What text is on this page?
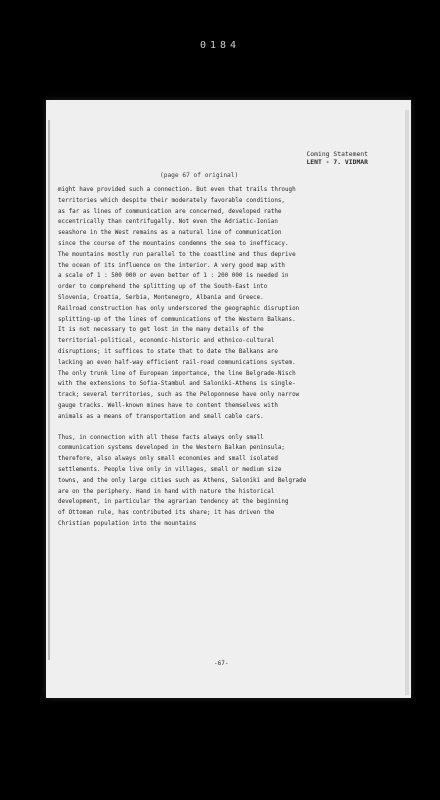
0184
Coming Statement
LENT - 7. VIDMAR
(page 67 of original)

might have provided such a connection. But even that trails through

territories which despite their moderately favorable conditions,

as far as lines of communication are concerned, developed rathe

eccentrically than centrifugally. Not even the Adriatic-Ionian

seashore in the West remains as a natural line of communication

since the course of the mountains condemns the sea to inefficacy.

The mountains mostly run parallel to the coastline and thus deprive

the ocean of its influence on the interior. A very good map with

a scale of 1 : 500 000 or even better of 1 : 200 000 is needed in

order to comprehend the splitting up of the South-East into

Slovenia, Croatia, Serbia, Montenegro, Albania and Greece.

Railroad construction has only underscored the geographic disruption

splitting-up of the lines of communications of the Western Balkans.

It is not necessary to get lost in the many details of the

territorial-political, economic-historic and ethnico-cultural

disruptions; it suffices to state that to date the Balkans are

lacking an even half-way efficient rail-road communications system.

The only trunk line of European importance, the line Belgrade-Nisch

with the extensions to Sofia-Stambul and Saloniki-Athens is single-

track; several territories, such as the Peloponnese have only narrow

gauge tracks. Well-known mines have to content themselves with

animals as a means of transportation and small cable cars.

Thus, in connection with all these facts always only small

communication systems developed in the Western Balkan peninsula;

therefore, also always only small economies and small isolated

settlements. People live only in villages, small or medium size

towns, and the only large cities such as Athens, Saloniki and Belgrade

are on the periphery. Hand in hand with nature the historical

development, in particular the agrarian tendency at the beginning

of Ottoman rule, has contributed its share; it has driven the

Christian population into the mountains

-67-
